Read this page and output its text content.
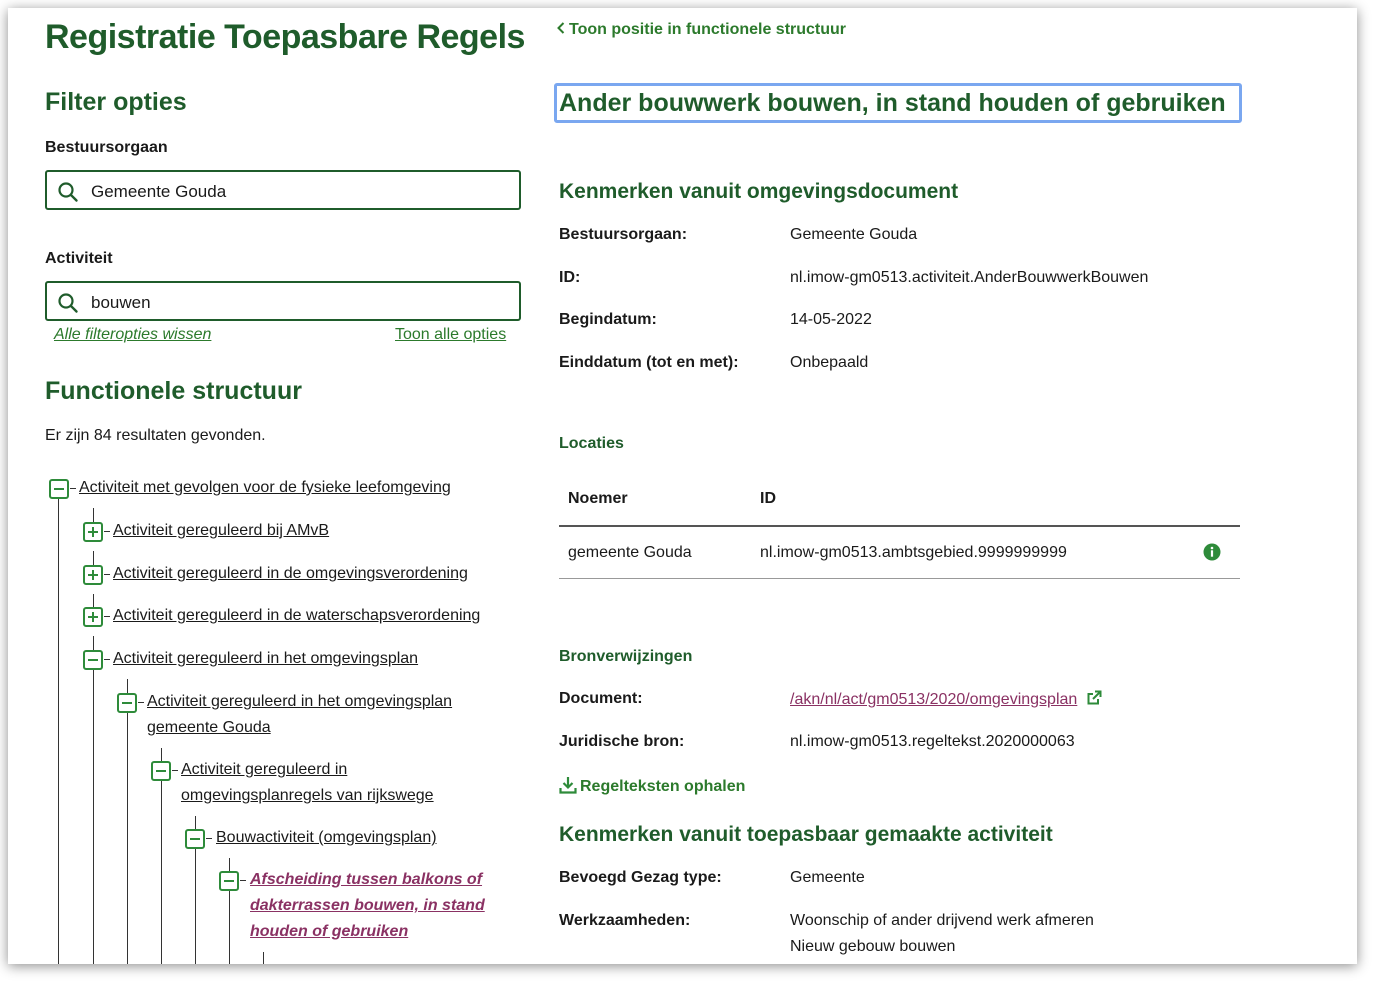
Registratie Toepasbare Regels
Filter opties
Bestuursorgaan
Gemeente Gouda
Activiteit
bouwen
Alle filteropties wissen	Toon alle opties
Functionele structuur
Er zijn 84 resultaten gevonden.
Activiteit met gevolgen voor de fysieke leefomgeving
Activiteit gereguleerd bij AMvB
Activiteit gereguleerd in de omgevingsverordening
Activiteit gereguleerd in de waterschapsverordening
Activiteit gereguleerd in het omgevingsplan
Activiteit gereguleerd in het omgevingsplan
gemeente Gouda
Activiteit gereguleerd in
omgevingsplanregels van rijkswege
Bouwactiviteit (omgevingsplan)
Afscheiding tussen balkons of
dakterrassen bouwen, in stand
houden of gebruiken
Toon positie in functionele structuur
Ander bouwwerk bouwen, in stand houden of gebruiken
Kenmerken vanuit omgevingsdocument
Bestuursorgaan:	Gemeente Gouda
ID:	nl.imow-gm0513.activiteit.AnderBouwwerkBouwen
Begindatum:	14-05-2022
Einddatum (tot en met):	Onbepaald
Locaties
Noemer	ID
gemeente Gouda	nl.imow-gm0513.ambtsgebied.9999999999
Bronverwijzingen
Document:	/akn/nl/act/gm0513/2020/omgevingsplan
Juridische bron:	nl.imow-gm0513.regeltekst.2020000063
Regelteksten ophalen
Kenmerken vanuit toepasbaar gemaakte activiteit
Bevoegd Gezag type:	Gemeente
Werkzaamheden:	Woonschip of ander drijvend werk afmeren
Nieuw gebouw bouwen
